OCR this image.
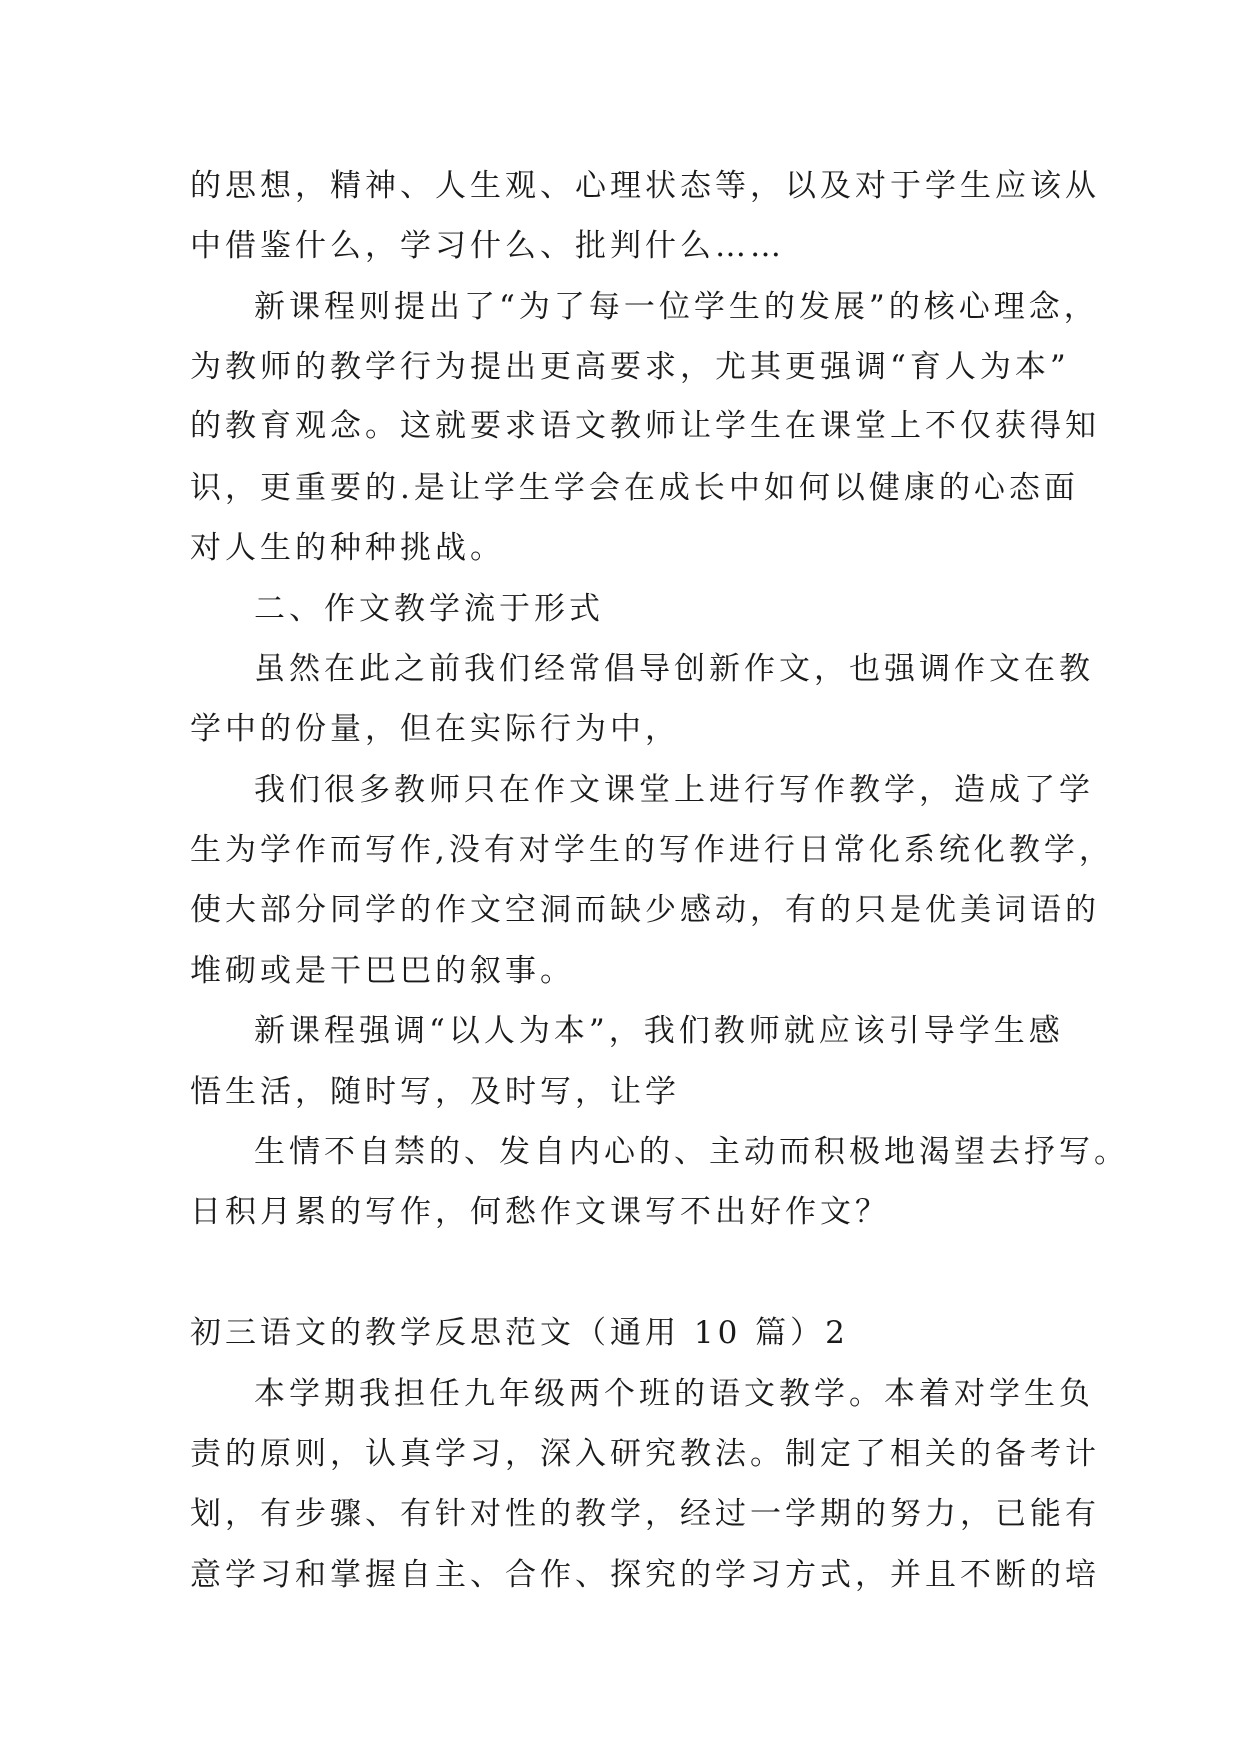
的思想，精神、人生观、心理状态等，以及对于学生应该从
中借鉴什么，学习什么、批判什么……
新课程则提出了“为了每一位学生的发展”的核心理念，
为教师的教学行为提出更高要求，尤其更强调“育人为本”
的教育观念。这就要求语文教师让学生在课堂上不仅获得知
识，更重要的.是让学生学会在成长中如何以健康的心态面
对人生的种种挑战。
二、作文教学流于形式
虽然在此之前我们经常倡导创新作文，也强调作文在教
学中的份量，但在实际行为中，
我们很多教师只在作文课堂上进行写作教学，造成了学
生为学作而写作,没有对学生的写作进行日常化系统化教学，
使大部分同学的作文空洞而缺少感动，有的只是优美词语的
堆砌或是干巴巴的叙事。
新课程强调“以人为本”，我们教师就应该引导学生感
悟生活，随时写，及时写，让学
生情不自禁的、发自内心的、主动而积极地渴望去抒写。
日积月累的写作，何愁作文课写不出好作文？
初三语文的教学反思范文（通用 10 篇）2
本学期我担任九年级两个班的语文教学。本着对学生负
责的原则，认真学习，深入研究教法。制定了相关的备考计
划，有步骤、有针对性的教学，经过一学期的努力，已能有
意学习和掌握自主、合作、探究的学习方式，并且不断的培
